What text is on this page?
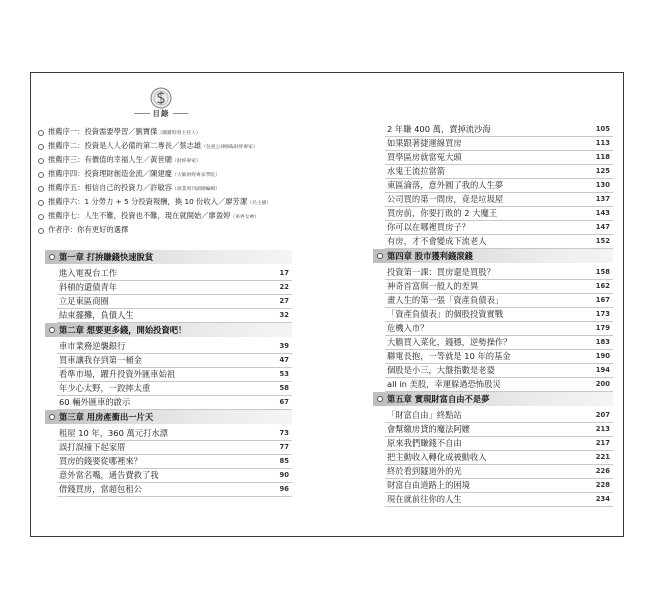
目錄
推薦序一：投資需要學習／劉寶傑（關鍵時刻主持人）
推薦序二：投資是人人必備的第二專長／蔡志雄（包租公律師&財經專家）
推薦序三：有價值的幸福人生／黃世聰（財經專家）
推薦序四：投資理財創造金流／陳建慶（大師財經專家學院）
推薦序五：相信自己的投資力／許敏容（商業周刊副總編輯）
推薦序六：1 分勞力 + 5 分投資報酬，換 10 份收入／廖芳潔（名主播）
推薦序七：人生不難，投資也不難，現在就開始／廖盈婷（車界女神）
作者序：你有更好的選擇
第一章 打拚賺錢快速脫貧
進入電視台工作	17
斜槓的還債青年	22
立足東區商圈	27
結束擺攤，負債人生	32
第二章 想要更多錢，開始投資吧！
車市業務逆襲銀行	39
買車讓我存到第一桶金	47
看準市場，躍升投資外匯車始祖	53
年少心太野，一跤摔太重	58
60 輛外匯車的啟示	67
第三章 用房產衝出一片天
租屋 10 年，360 萬元打水漂	73
誤打誤撞下起家厝	77
買房的錢要從哪裡來？	85
意外當名嘴，通告費救了我	90
借錢買房，當超包租公	96
2 年賺 400 萬，賣掉流沙海	105
如果跟著捷運線買房	113
買學區房就當冤大頭	118
水鬼王流拉當箭	125
東區淪落，意外圓了我的人生夢	130
公司買的第一間房，竟是垃圾屋	137
買房前，你要打敗的 2 大魔王	143
你可以在哪裡買房子？	147
有房，才不會變成下流老人	152
第四章 股市獲利錢滾錢
投資第一課：買房還是買股？	158
神奇首富與一般人的差異	162
畫人生的第一張「資產負債表」	167
「資產負債表」的個股投資實戰	173
危機入市？	179
大膽買入菜化，錢穩，逆勢操作？	183
聯電長抱，一等就是 10 年的基金	190
個股是小三，大盤指數是老婆	194
all in 美股，幸運躲過恐怖股災	200
第五章 實現財富自由不是夢
「財富自由」終點站	207
會幫繳房貸的魔法阿嬤	213
原來我們賺錢不自由	217
把主動收入轉化成被動收入	221
終於看到隧道外的光	226
財富自由道路上的困境	228
現在就前往你的人生	234
